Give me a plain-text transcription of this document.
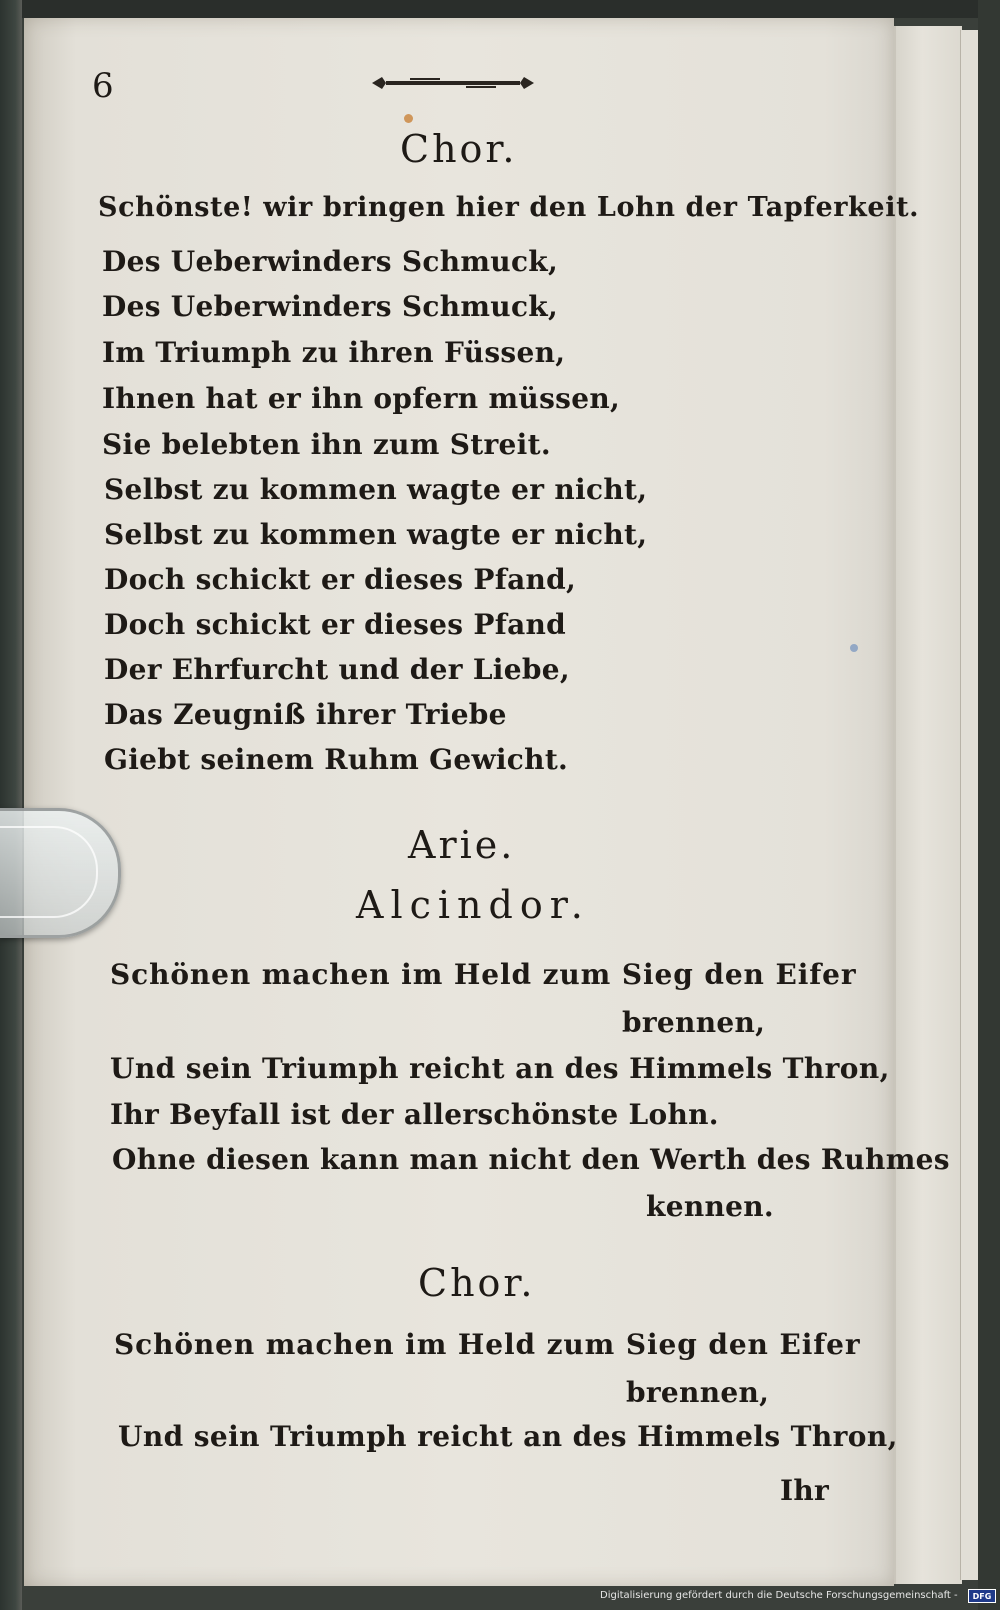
6
Chor.
Schönste! wir bringen hier den Lohn der Tapferkeit.
Des Ueberwinders Schmuck,
Des Ueberwinders Schmuck,
Im Triumph zu ihren Füssen,
Ihnen hat er ihn opfern müssen,
Sie belebten ihn zum Streit.
Selbst zu kommen wagte er nicht,
Selbst zu kommen wagte er nicht,
Doch schickt er dieses Pfand,
Doch schickt er dieses Pfand
Der Ehrfurcht und der Liebe,
Das Zeugniß ihrer Triebe
Giebt seinem Ruhm Gewicht.
Arie.
Alcindor.
Schönen machen im Held zum Sieg den Eifer
brennen,
Und sein Triumph reicht an des Himmels Thron,
Ihr Beyfall ist der allerschönste Lohn.
Ohne diesen kann man nicht den Werth des Ruhmes
kennen.
Chor.
Schönen machen im Held zum Sieg den Eifer
brennen,
Und sein Triumph reicht an des Himmels Thron,
Ihr
Digitalisierung gefördert durch die Deutsche Forschungsgemeinschaft -	DFG
